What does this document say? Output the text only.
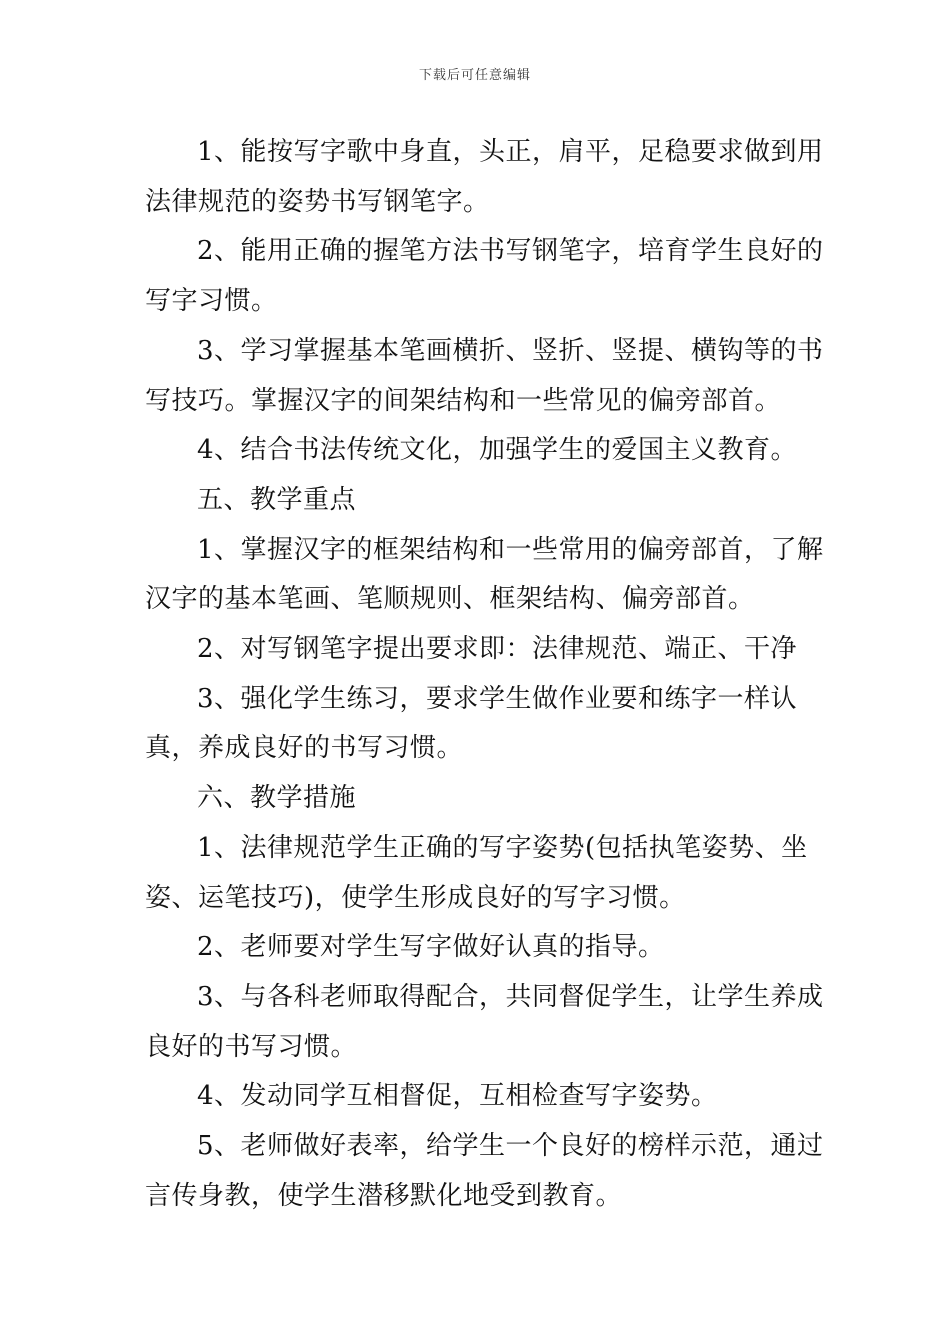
下载后可任意编辑

1、能按写字歌中身直，头正，肩平，足稳要求做到用法律规范的姿势书写钢笔字。

2、能用正确的握笔方法书写钢笔字，培育学生良好的写字习惯。

3、学习掌握基本笔画横折、竖折、竖提、横钩等的书写技巧。掌握汉字的间架结构和一些常见的偏旁部首。

4、结合书法传统文化，加强学生的爱国主义教育。

五、教学重点

1、掌握汉字的框架结构和一些常用的偏旁部首，了解汉字的基本笔画、笔顺规则、框架结构、偏旁部首。

2、对写钢笔字提出要求即：法律规范、端正、干净

3、强化学生练习，要求学生做作业要和练字一样认真，养成良好的书写习惯。

六、教学措施

1、法律规范学生正确的写字姿势(包括执笔姿势、坐姿、运笔技巧)，使学生形成良好的写字习惯。

2、老师要对学生写字做好认真的指导。

3、与各科老师取得配合，共同督促学生，让学生养成良好的书写习惯。

4、发动同学互相督促，互相检查写字姿势。

5、老师做好表率，给学生一个良好的榜样示范，通过言传身教，使学生潜移默化地受到教育。
